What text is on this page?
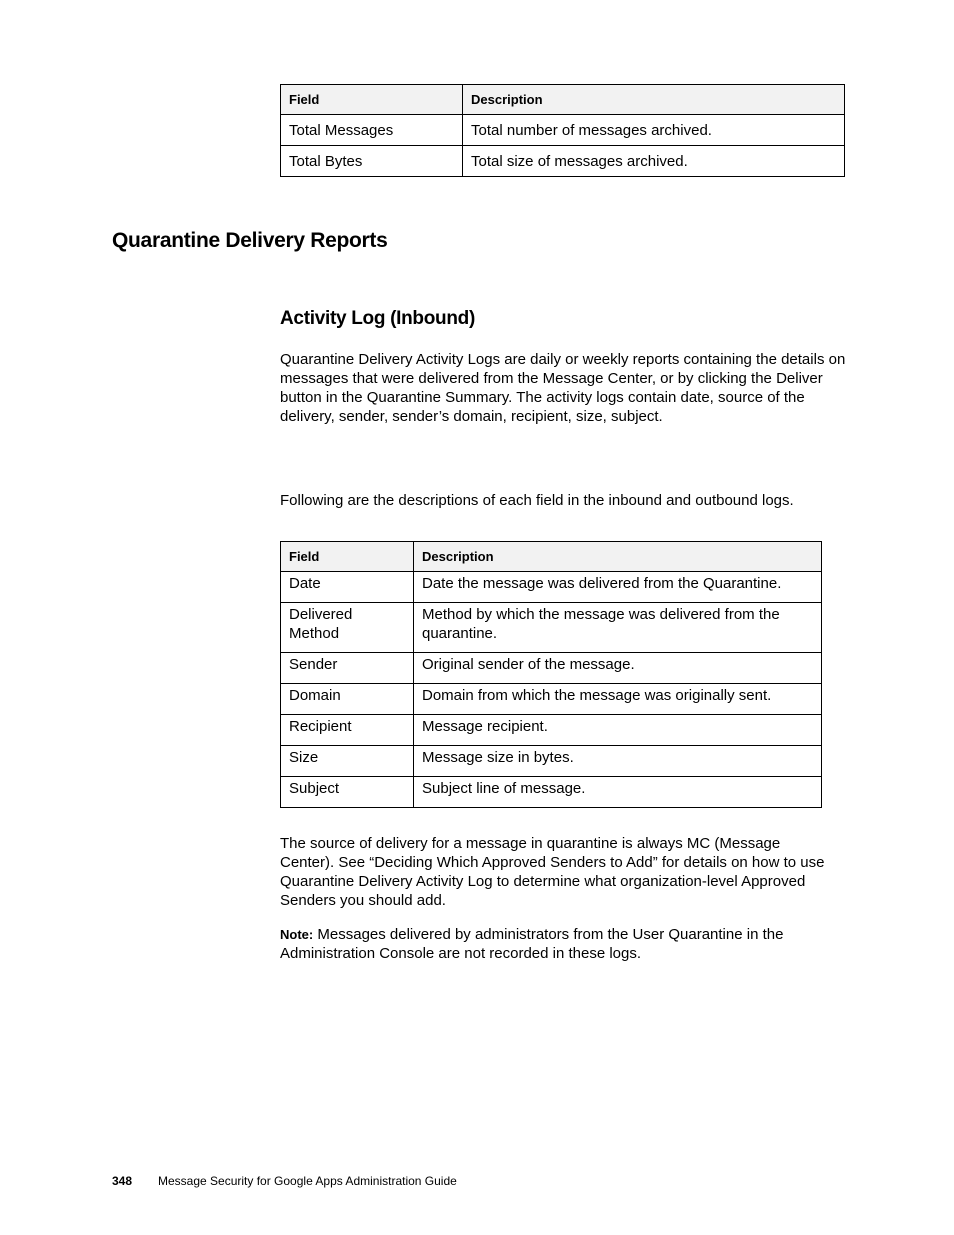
Field	Description
Total Messages	Total number of messages archived.
Total Bytes	Total size of messages archived.
Quarantine Delivery Reports
Activity Log (Inbound)

Quarantine Delivery Activity Logs are daily or weekly reports containing the details on messages that were delivered from the Message Center, or by clicking the Deliver button in the Quarantine Summary. The activity logs contain date, source of the delivery, sender, sender’s domain, recipient, size, subject.

Following are the descriptions of each field in the inbound and outbound logs.

Field	Description
Date	Date the message was delivered from the Quarantine.
Delivered Method	Method by which the message was delivered from the quarantine.
Sender	Original sender of the message.
Domain	Domain from which the message was originally sent.
Recipient	Message recipient.
Size	Message size in bytes.
Subject	Subject line of message.

The source of delivery for a message in quarantine is always MC (Message Center). See “Deciding Which Approved Senders to Add” for details on how to use Quarantine Delivery Activity Log to determine what organization-level Approved Senders you should add.

Note: Messages delivered by administrators from the User Quarantine in the Administration Console are not recorded in these logs.

348 Message Security for Google Apps Administration Guide
